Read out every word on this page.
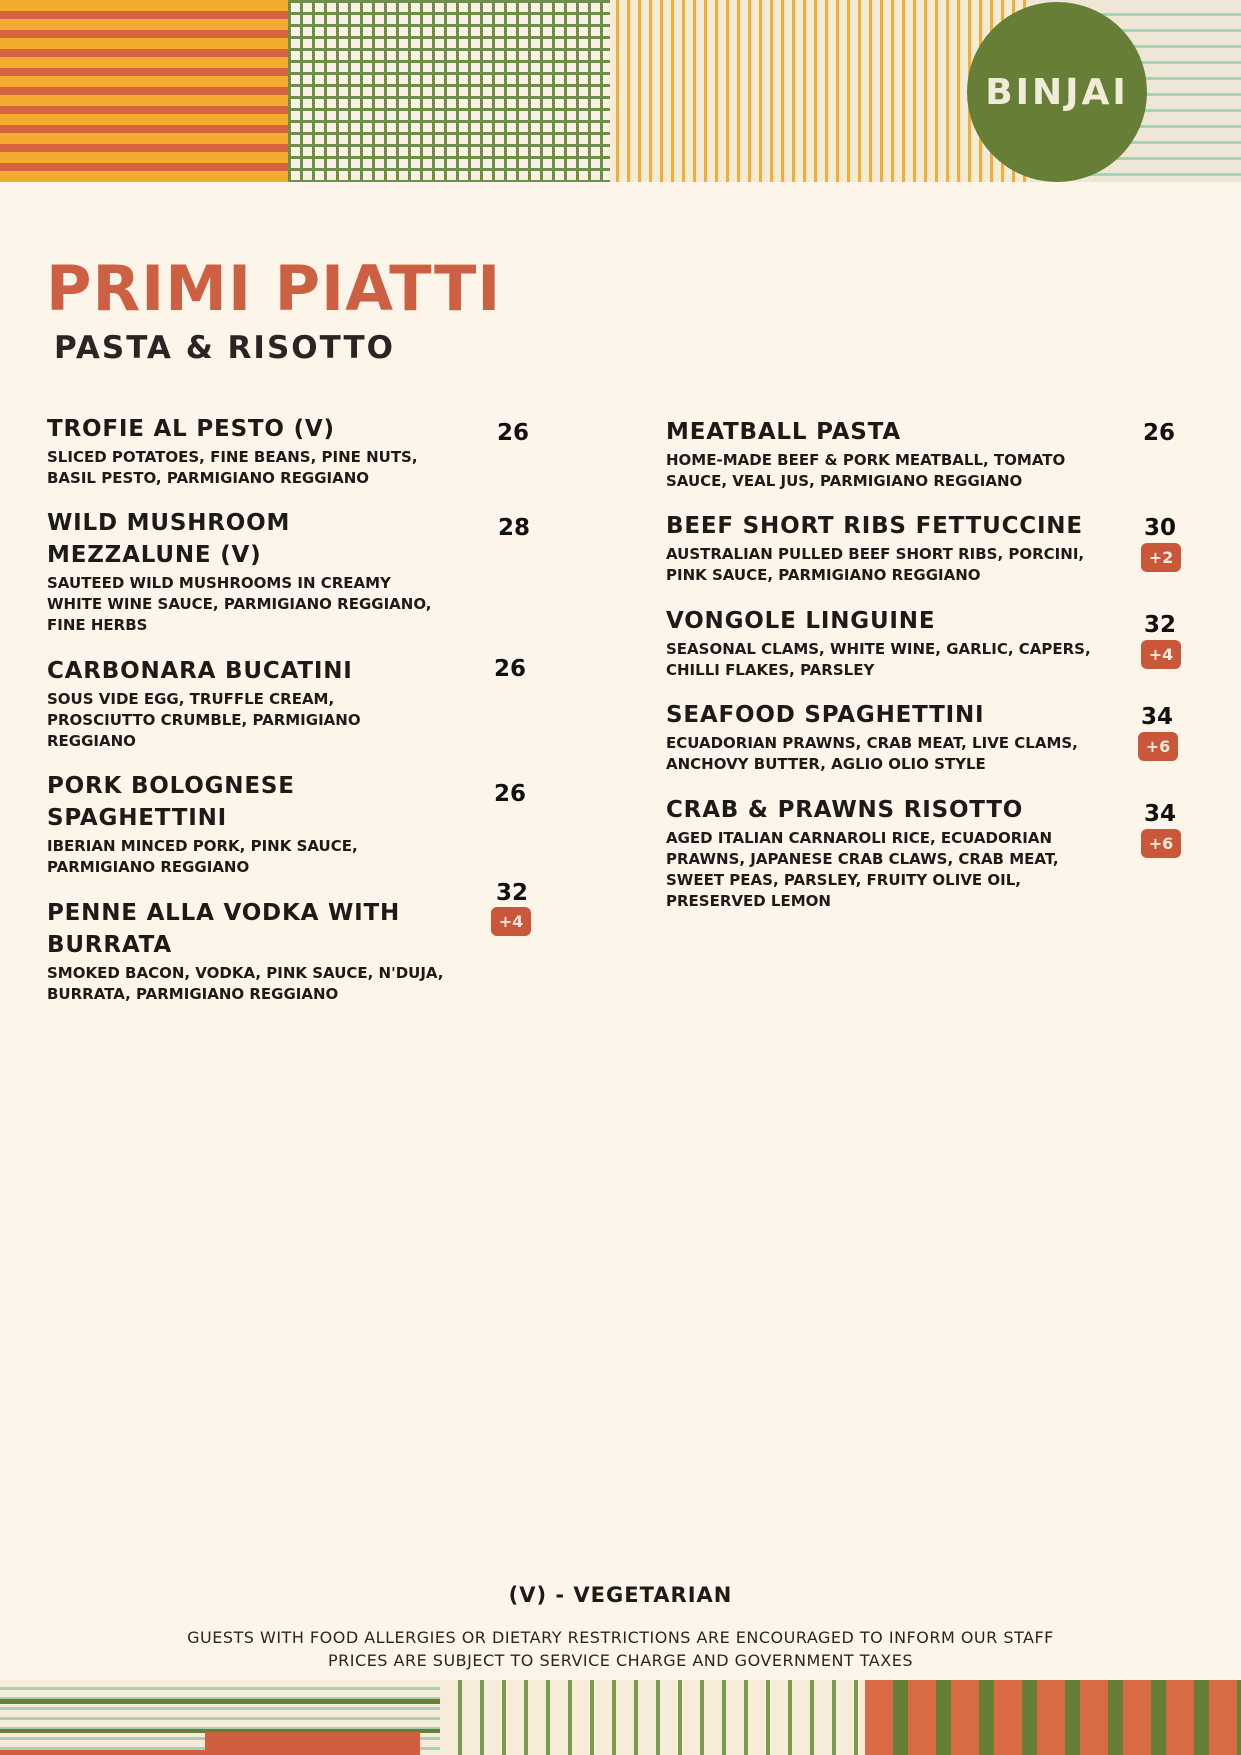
BINJAI
PRIMI PIATTI
PASTA & RISOTTO
TROFIE AL PESTO (V)
SLICED POTATOES, FINE BEANS, PINE NUTS, BASIL PESTO, PARMIGIANO REGGIANO
26
WILD MUSHROOM MEZZALUNE (V)
SAUTEED WILD MUSHROOMS IN CREAMY WHITE WINE SAUCE, PARMIGIANO REGGIANO, FINE HERBS
28
CARBONARA BUCATINI
SOUS VIDE EGG, TRUFFLE CREAM, PROSCIUTTO CRUMBLE, PARMIGIANO REGGIANO
26
PORK BOLOGNESE SPAGHETTINI
IBERIAN MINCED PORK, PINK SAUCE, PARMIGIANO REGGIANO
26
PENNE ALLA VODKA WITH BURRATA
SMOKED BACON, VODKA, PINK SAUCE, N'DUJA, BURRATA, PARMIGIANO REGGIANO
32
+4
MEATBALL PASTA
HOME-MADE BEEF & PORK MEATBALL, TOMATO SAUCE, VEAL JUS, PARMIGIANO REGGIANO
26
BEEF SHORT RIBS FETTUCCINE
AUSTRALIAN PULLED BEEF SHORT RIBS, PORCINI, PINK SAUCE, PARMIGIANO REGGIANO
30
+2
VONGOLE LINGUINE
SEASONAL CLAMS, WHITE WINE, GARLIC, CAPERS, CHILLI FLAKES, PARSLEY
32
+4
SEAFOOD SPAGHETTINI
ECUADORIAN PRAWNS, CRAB MEAT, LIVE CLAMS, ANCHOVY BUTTER, AGLIO OLIO STYLE
34
+6
CRAB & PRAWNS RISOTTO
AGED ITALIAN CARNAROLI RICE, ECUADORIAN PRAWNS, JAPANESE CRAB CLAWS, CRAB MEAT, SWEET PEAS, PARSLEY, FRUITY OLIVE OIL, PRESERVED LEMON
34
+6
(V) - VEGETARIAN
GUESTS WITH FOOD ALLERGIES OR DIETARY RESTRICTIONS ARE ENCOURAGED TO INFORM OUR STAFF
PRICES ARE SUBJECT TO SERVICE CHARGE AND GOVERNMENT TAXES
